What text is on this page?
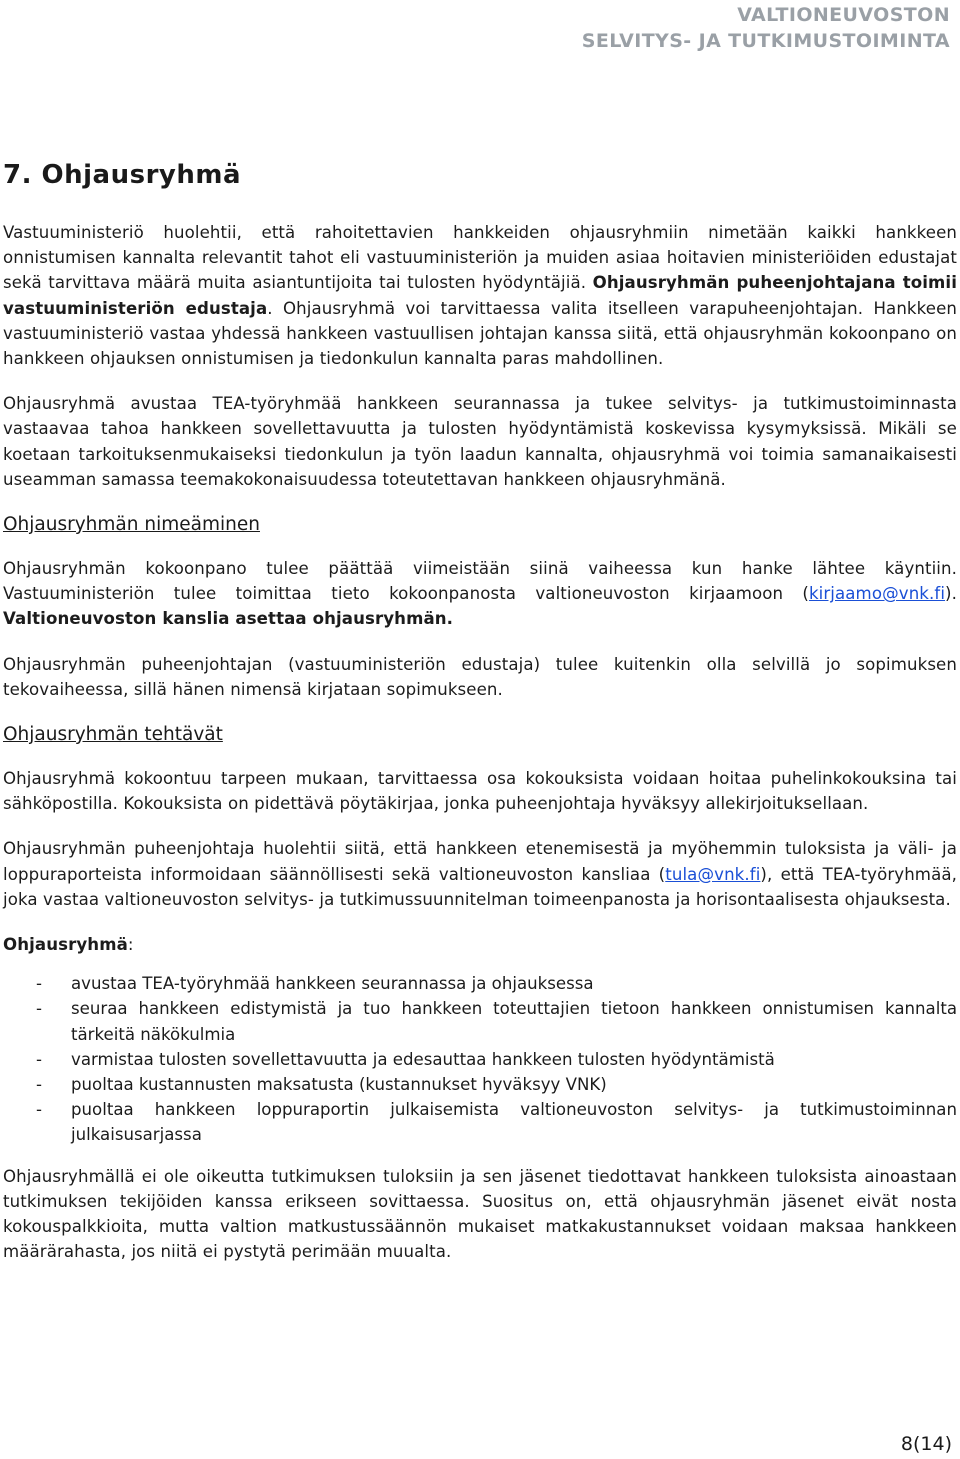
VALTIONEUVOSTON
SELVITYS- JA TUTKIMUSTOIMINTA
7. Ohjausryhmä

Vastuuministeriö huolehtii, että rahoitettavien hankkeiden ohjausryhmiin nimetään kaikki hankkeen onnistumisen kannalta relevantit tahot eli vastuuministeriön ja muiden asiaa hoitavien ministeriöiden edustajat sekä tarvittava määrä muita asiantuntijoita tai tulosten hyödyntäjiä. Ohjausryhmän puheenjohtajana toimii vastuuministeriön edustaja. Ohjausryhmä voi tarvittaessa valita itselleen varapuheenjohtajan. Hankkeen vastuuministeriö vastaa yhdessä hankkeen vastuullisen johtajan kanssa siitä, että ohjausryhmän kokoonpano on hankkeen ohjauksen onnistumisen ja tiedonkulun kannalta paras mahdollinen.

Ohjausryhmä avustaa TEA-työryhmää hankkeen seurannassa ja tukee selvitys- ja tutkimustoiminnasta vastaavaa tahoa hankkeen sovellettavuutta ja tulosten hyödyntämistä koskevissa kysymyksissä. Mikäli se koetaan tarkoituksenmukaiseksi tiedonkulun ja työn laadun kannalta, ohjausryhmä voi toimia samanaikaisesti useamman samassa teemakokonaisuudessa toteutettavan hankkeen ohjausryhmänä.

Ohjausryhmän nimeäminen

Ohjausryhmän kokoonpano tulee päättää viimeistään siinä vaiheessa kun hanke lähtee käyntiin. Vastuuministeriön tulee toimittaa tieto kokoonpanosta valtioneuvoston kirjaamoon (kirjaamo@vnk.fi). Valtioneuvoston kanslia asettaa ohjausryhmän.

Ohjausryhmän puheenjohtajan (vastuuministeriön edustaja) tulee kuitenkin olla selvillä jo sopimuksen tekovaiheessa, sillä hänen nimensä kirjataan sopimukseen.

Ohjausryhmän tehtävät

Ohjausryhmä kokoontuu tarpeen mukaan, tarvittaessa osa kokouksista voidaan hoitaa puhelinkokouksina tai sähköpostilla. Kokouksista on pidettävä pöytäkirjaa, jonka puheenjohtaja hyväksyy allekirjoituksellaan.

Ohjausryhmän puheenjohtaja huolehtii siitä, että hankkeen etenemisestä ja myöhemmin tuloksista ja väli- ja loppuraporteista informoidaan säännöllisesti sekä valtioneuvoston kansliaa (tula@vnk.fi), että TEA-työryhmää, joka vastaa valtioneuvoston selvitys- ja tutkimussuunnitelman toimeenpanosta ja horisontaalisesta ohjauksesta.

Ohjausryhmä:

- avustaa TEA-työryhmää hankkeen seurannassa ja ohjauksessa
- seuraa hankkeen edistymistä ja tuo hankkeen toteuttajien tietoon hankkeen onnistumisen kannalta tärkeitä näkökulmia
- varmistaa tulosten sovellettavuutta ja edesauttaa hankkeen tulosten hyödyntämistä
- puoltaa kustannusten maksatusta (kustannukset hyväksyy VNK)
- puoltaa hankkeen loppuraportin julkaisemista valtioneuvoston selvitys- ja tutkimustoiminnan julkaisusarjassa

Ohjausryhmällä ei ole oikeutta tutkimuksen tuloksiin ja sen jäsenet tiedottavat hankkeen tuloksista ainoastaan tutkimuksen tekijöiden kanssa erikseen sovittaessa. Suositus on, että ohjausryhmän jäsenet eivät nosta kokouspalkkioita, mutta valtion matkustussäännön mukaiset matkakustannukset voidaan maksaa hankkeen määrärahasta, jos niitä ei pystytä perimään muualta.

8(14)
